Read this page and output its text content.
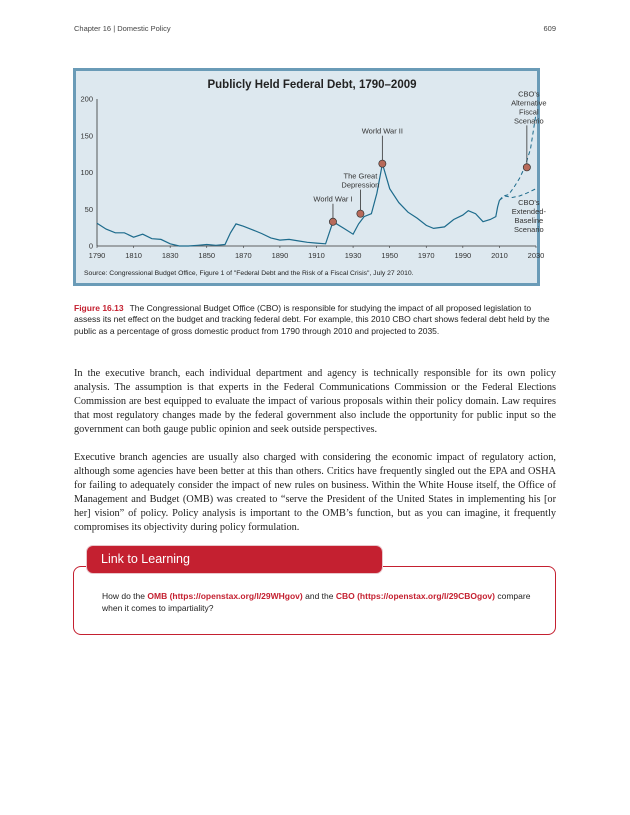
Chapter 16 | Domestic Policy	609
Publicly Held Federal Debt, 1790–2009
0
50
100
150
200
1790	1810	1830	1850	1870	1890	1910	1930	1950	1970	1990	2010	2030
World War I
The Great Depression
World War II
CBO's Alternative Fiscal Scenario
CBO's Extended-Baseline Scenario
Source: Congressional Budget Office, Figure 1 of "Federal Debt and the Risk of a Fiscal Crisis", July 27 2010.
Figure 16.13 The Congressional Budget Office (CBO) is responsible for studying the impact of all proposed legislation to assess its net effect on the budget and tracking federal debt. For example, this 2010 CBO chart shows federal debt held by the public as a percentage of gross domestic product from 1790 through 2010 and projected to 2035.

In the executive branch, each individual department and agency is technically responsible for its own policy analysis. The assumption is that experts in the Federal Communications Commission or the Federal Elections Commission are best equipped to evaluate the impact of various proposals within their policy domain. Law requires that most regulatory changes made by the federal government also include the opportunity for public input so the government can both gauge public opinion and seek outside perspectives.

Executive branch agencies are usually also charged with considering the economic impact of regulatory action, although some agencies have been better at this than others. Critics have frequently singled out the EPA and OSHA for failing to adequately consider the impact of new rules on business. Within the White House itself, the Office of Management and Budget (OMB) was created to “serve the President of the United States in implementing his [or her] vision” of policy. Policy analysis is important to the OMB’s function, but as you can imagine, it frequently compromises its objectivity during policy formulation.

Link to Learning
How do the OMB (https://openstax.org/l/29WHgov) and the CBO (https://openstax.org/l/29CBOgov) compare when it comes to impartiality?
